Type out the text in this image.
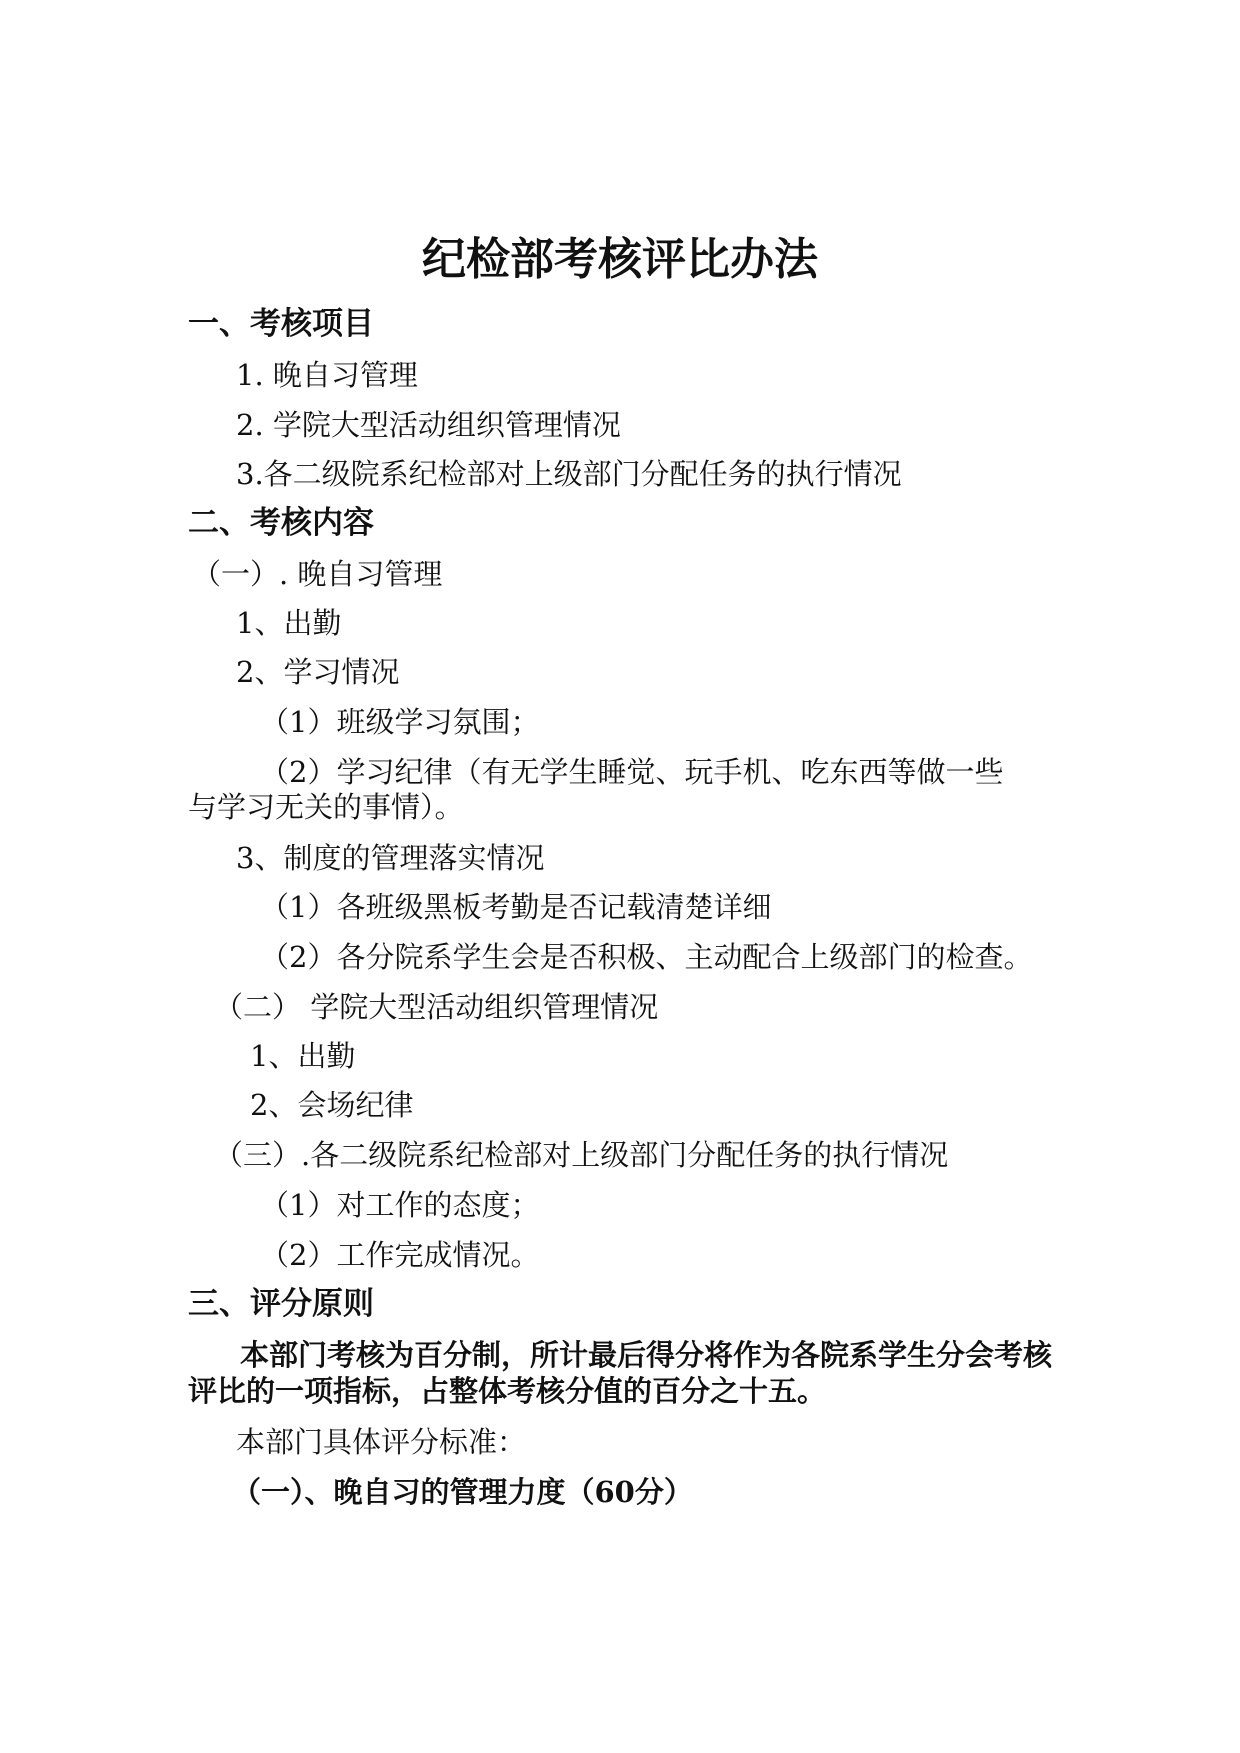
纪检部考核评比办法
一、考核项目
1. 晚自习管理
2. 学院大型活动组织管理情况
3.各二级院系纪检部对上级部门分配任务的执行情况
二、考核内容
（一）. 晚自习管理
1、出勤
2、学习情况
（1）班级学习氛围；
（2）学习纪律（有无学生睡觉、玩手机、吃东西等做一些
与学习无关的事情）。
3、制度的管理落实情况
（1）各班级黑板考勤是否记载清楚详细
（2）各分院系学生会是否积极、主动配合上级部门的检查。
（二） 学院大型活动组织管理情况
1、出勤
2、会场纪律
（三）.各二级院系纪检部对上级部门分配任务的执行情况
（1）对工作的态度；
（2）工作完成情况。
三、评分原则
本部门考核为百分制，所计最后得分将作为各院系学生分会考核
评比的一项指标，占整体考核分值的百分之十五。
本部门具体评分标准：
（一）、晚自习的管理力度（60分）
